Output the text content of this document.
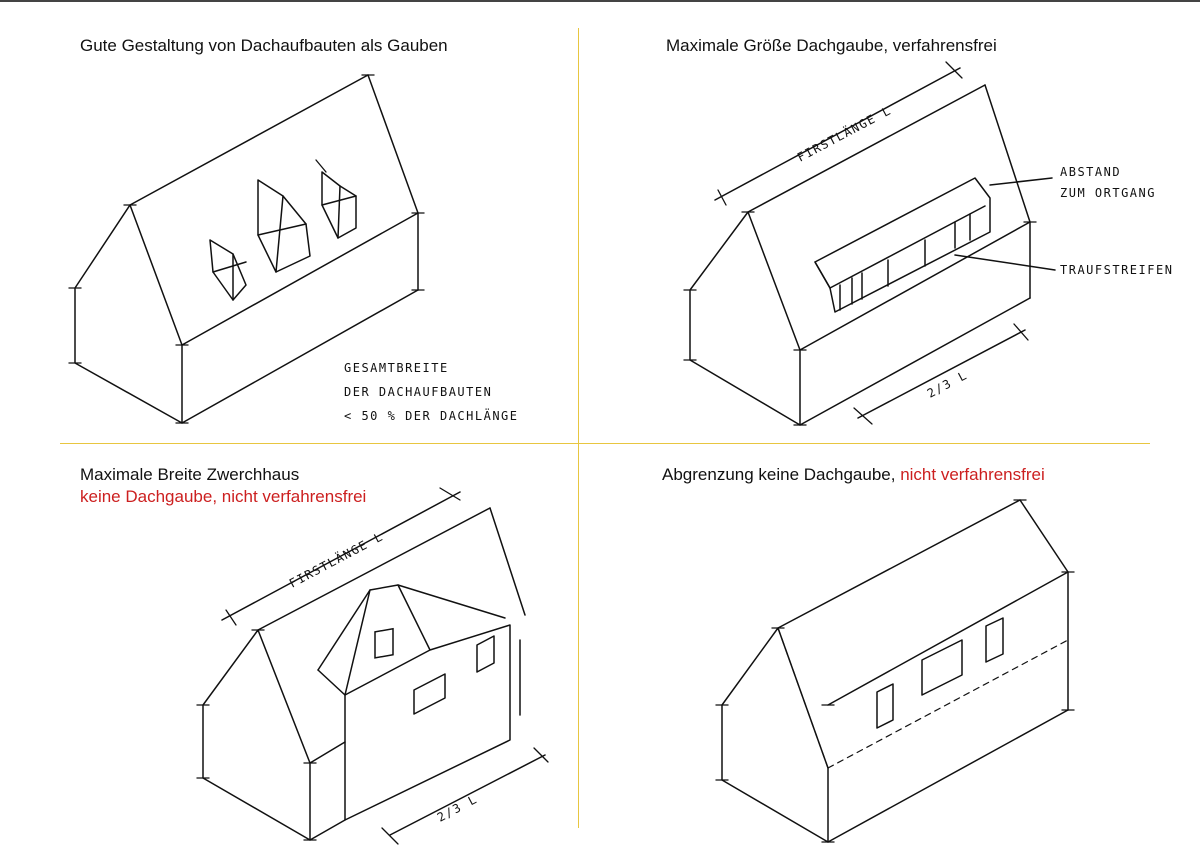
Gute Gestaltung von Dachaufbauten als Gauben
GESAMTBREITE
DER DACHAUFBAUTEN
< 50 % DER DACHLÄNGE
Maximale Größe Dachgaube, verfahrensfrei
FIRSTLÄNGE L
ABSTAND
ZUM ORTGANG
TRAUFSTREIFEN
2/3 L
Maximale Breite Zwerchhaus
keine Dachgaube, nicht verfahrensfrei
FIRSTLÄNGE L
2/3 L
Abgrenzung keine Dachgaube, nicht verfahrensfrei
